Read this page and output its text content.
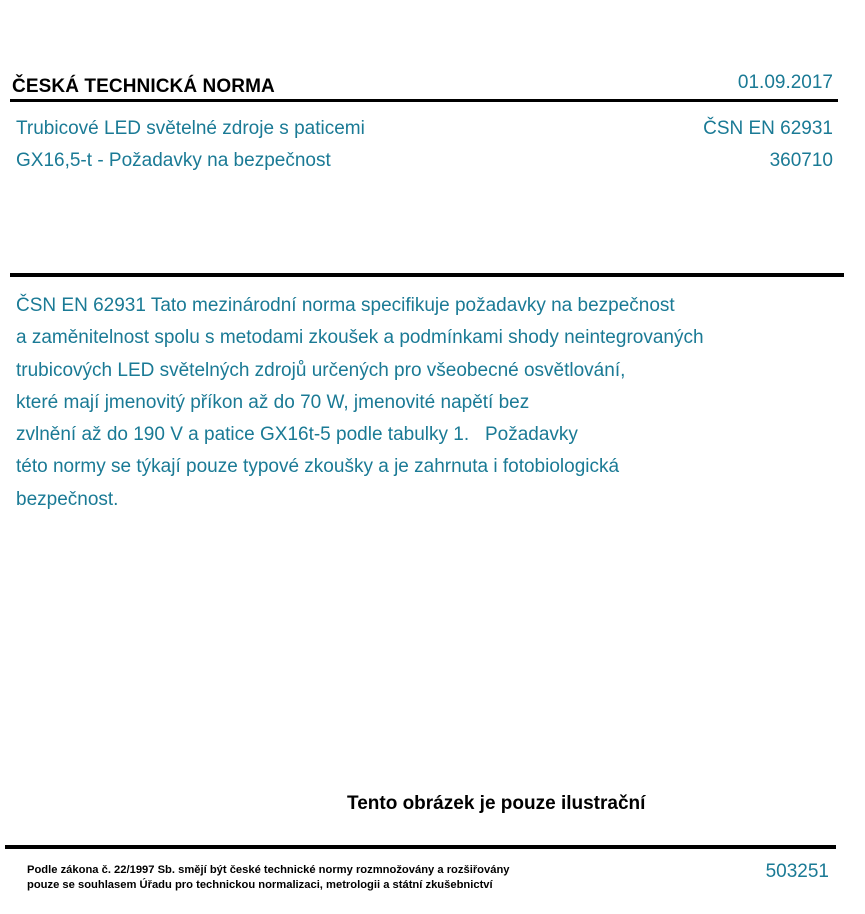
ČESKÁ TECHNICKÁ NORMA	01.09.2017
Trubicové LED světelné zdroje s paticemi
GX16,5-t - Požadavky na bezpečnost
ČSN EN 62931
360710
ČSN EN 62931 Tato mezinárodní norma specifikuje požadavky na bezpečnost
a zaměnitelnost spolu s metodami zkoušek a podmínkami shody neintegrovaných
trubicových LED světelných zdrojů určených pro všeobecné osvětlování,
které mají jmenovitý příkon až do 70 W, jmenovité napětí bez
zvlnění až do 190 V a patice GX16t-5 podle tabulky 1.   Požadavky
této normy se týkají pouze typové zkoušky a je zahrnuta i fotobiologická
bezpečnost.
Tento obrázek je pouze ilustrační
Podle zákona č. 22/1997 Sb. smějí být české technické normy rozmnožovány a rozšiřovány
pouze se souhlasem Úřadu pro technickou normalizaci, metrologii a státní zkušebnictví
503251
